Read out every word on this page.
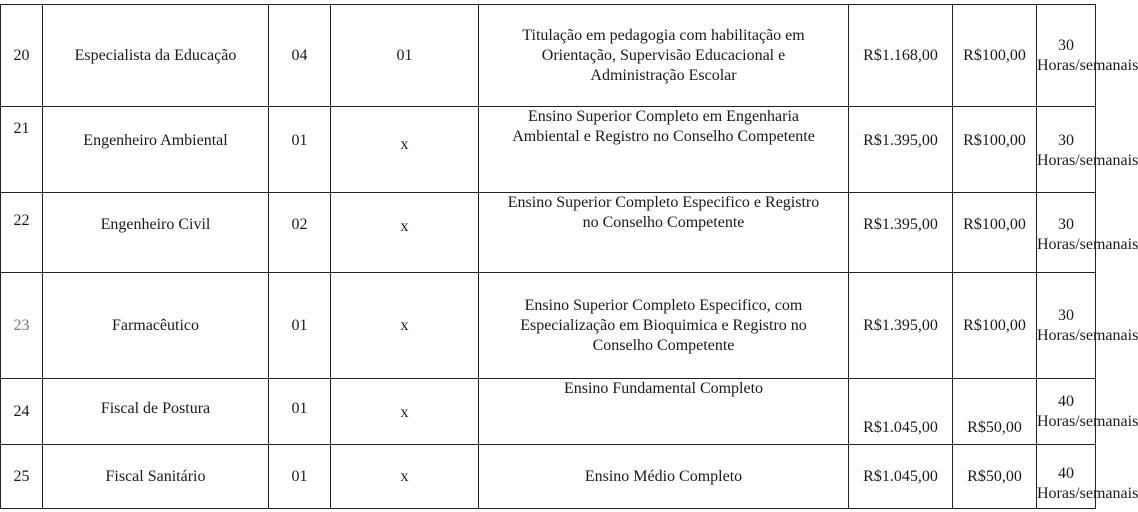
20	Especialista da Educação	04	01	Titulação em pedagogia com habilitação em
Orientação, Supervisão Educacional e
Administração Escolar	R$1.168,00	R$100,00	30
Horas/semanais

21	Engenheiro Ambiental	01	x	Ensino Superior Completo em Engenharia
Ambiental e Registro no Conselho Competente	R$1.395,00	R$100,00	30
Horas/semanais

22	Engenheiro Civil	02	x	Ensino Superior Completo Especifico e Registro
no Conselho Competente	R$1.395,00	R$100,00	30
Horas/semanais

23	Farmacêutico	01	x	Ensino Superior Completo Especifico, com
Especialização em Bioquimica e Registro no
Conselho Competente	R$1.395,00	R$100,00	30
Horas/semanais

24	Fiscal de Postura	01	x	Ensino Fundamental Completo	R$1.045,00	R$50,00	40
Horas/semanais

25	Fiscal Sanitário	01	x	Ensino Médio Completo	R$1.045,00	R$50,00	40
Horas/semanais
